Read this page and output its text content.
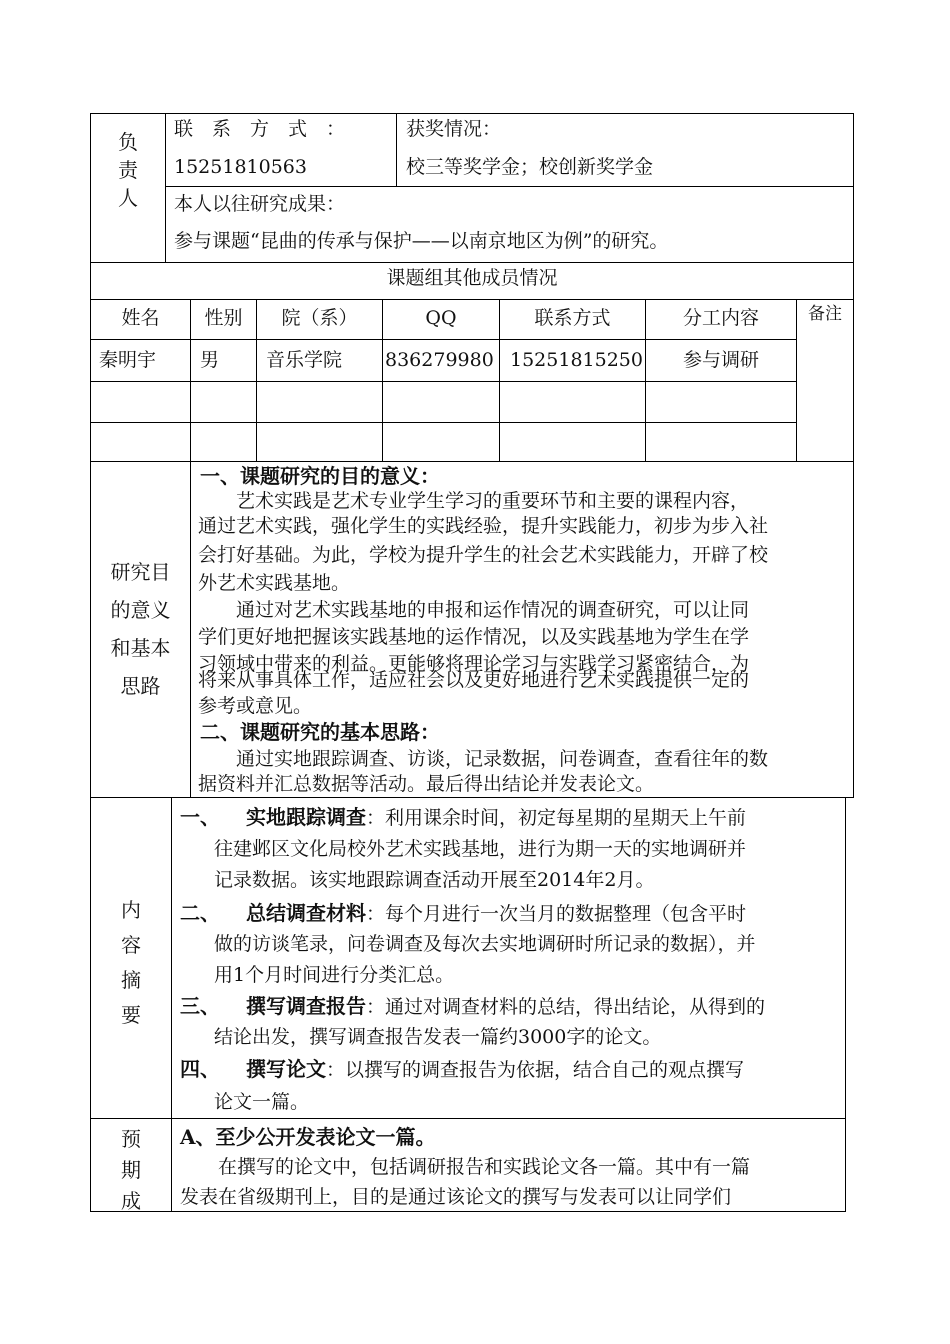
负
责
人
联　系　方　式　：
15251810563
获奖情况：
校三等奖学金；校创新奖学金
本人以往研究成果：
参与课题“昆曲的传承与保护——以南京地区为例”的研究。
课题组其他成员情况
姓名	性别	院（系）	QQ	联系方式	分工内容	备注
秦明宇 男 音乐学院 836279980 15251815250	参与调研
研究目
的意义
和基本
思路
一、课题研究的目的意义：
　　艺术实践是艺术专业学生学习的重要环节和主要的课程内容，
通过艺术实践，强化学生的实践经验，提升实践能力，初步为步入社
会打好基础。为此，学校为提升学生的社会艺术实践能力，开辟了校
外艺术实践基地。
　　通过对艺术实践基地的申报和运作情况的调查研究，可以让同
学们更好地把握该实践基地的运作情况，以及实践基地为学生在学
习领域中带来的利益。更能够将理论学习与实践学习紧密结合，为
将来从事具体工作，适应社会以及更好地进行艺术实践提供一定的
参考或意见。
二、课题研究的基本思路：
　　通过实地跟踪调查、访谈，记录数据，问卷调查，查看往年的数
据资料并汇总数据等活动。最后得出结论并发表论文。
内
容
摘
要
一、 实地跟踪调查：利用课余时间，初定每星期的星期天上午前
往建邺区文化局校外艺术实践基地，进行为期一天的实地调研并
记录数据。该实地跟踪调查活动开展至2014年2月。
二、 总结调查材料：每个月进行一次当月的数据整理（包含平时
做的访谈笔录，问卷调查及每次去实地调研时所记录的数据），并
用1个月时间进行分类汇总。
三、 撰写调查报告：通过对调查材料的总结，得出结论，从得到的
结论出发，撰写调查报告发表一篇约3000字的论文。
四、 撰写论文：以撰写的调查报告为依据，结合自己的观点撰写
论文一篇。
预
期
成
A、至少公开发表论文一篇。
　　在撰写的论文中，包括调研报告和实践论文各一篇。其中有一篇
发表在省级期刊上，目的是通过该论文的撰写与发表可以让同学们
